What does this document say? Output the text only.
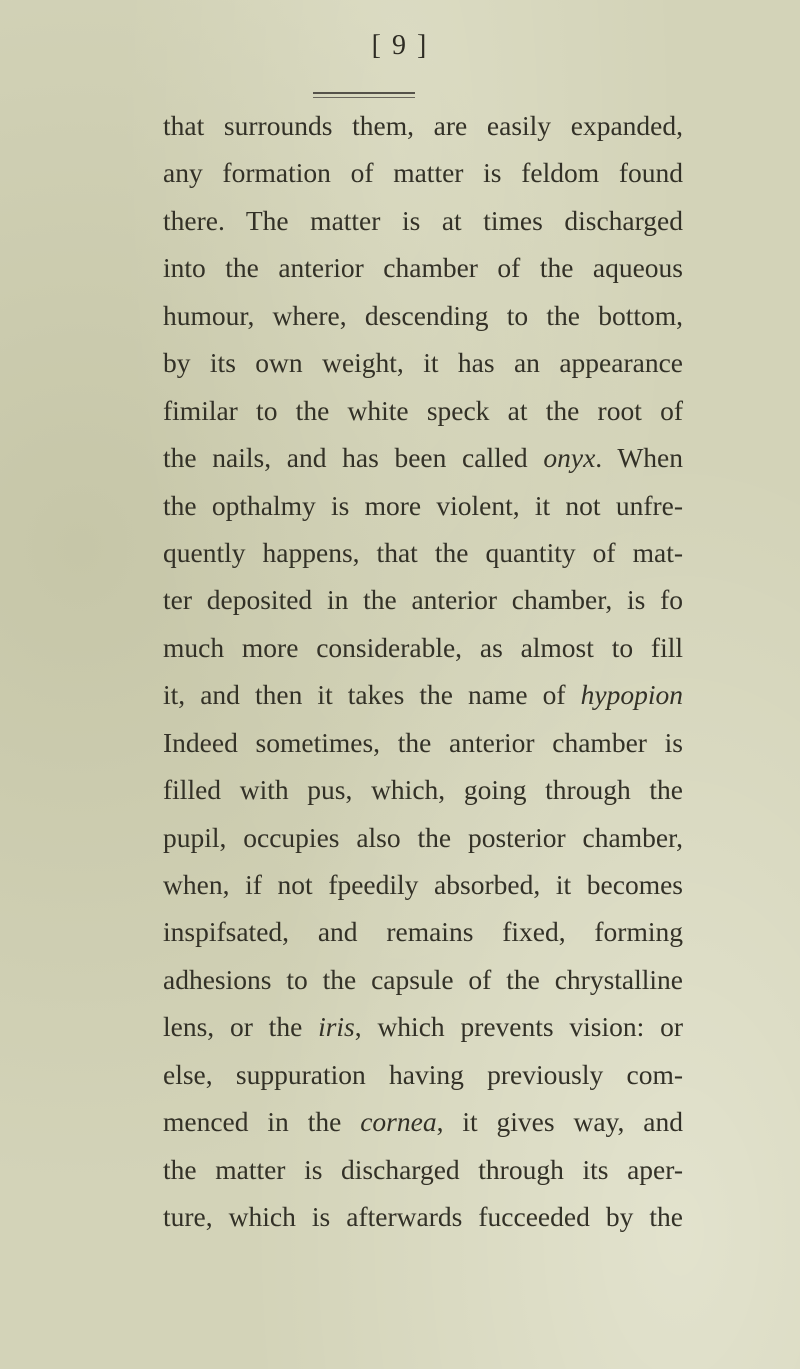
[ 9 ]
that surrounds them, are easily expanded,
any formation of matter is feldom found
there. The matter is at times discharged
into the anterior chamber of the aqueous
humour, where, descending to the bottom,
by its own weight, it has an appearance
fimilar to the white speck at the root of
the nails, and has been called onyx. When
the opthalmy is more violent, it not unfre-
quently happens, that the quantity of mat-
ter deposited in the anterior chamber, is fo
much more considerable, as almost to fill
it, and then it takes the name of hypopion
Indeed sometimes, the anterior chamber is
filled with pus, which, going through the
pupil, occupies also the posterior chamber,
when, if not fpeedily absorbed, it becomes
inspifsated, and remains fixed, forming
adhesions to the capsule of the chrystalline
lens, or the iris, which prevents vision: or
else, suppuration having previously com-
menced in the cornea, it gives way, and
the matter is discharged through its aper-
ture, which is afterwards fucceeded by the
